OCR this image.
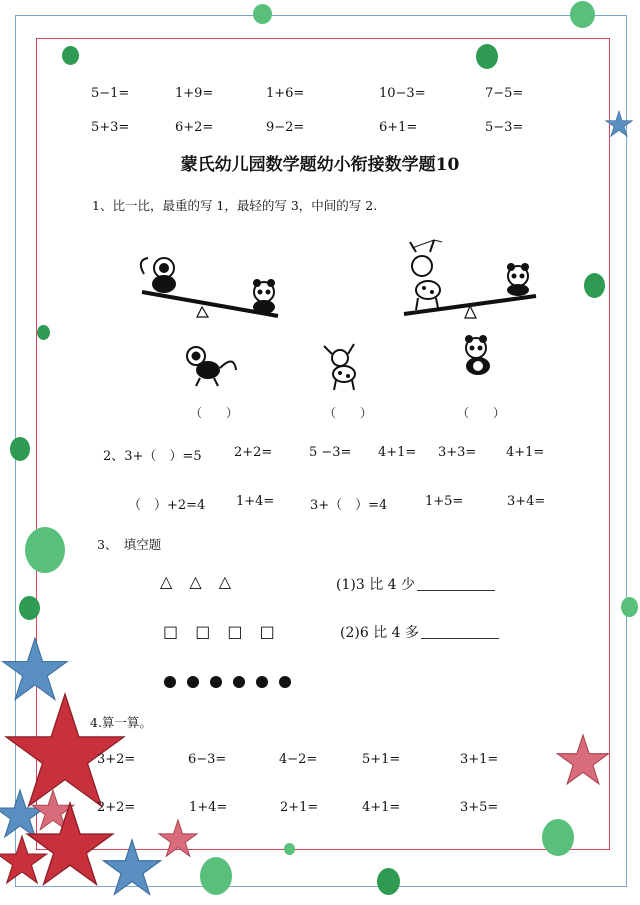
5−1=	1+9=	1+6=	10−3=	7−5=
5+3=	6+2=	9−2=	6+1=	5−3=
蒙氏幼儿园数学题幼小衔接数学题10
1、比一比，最重的写 1，最轻的写 3，中间的写 2.
（　　）	（　　）	（　　）
2、3+（　）=5 2+2=	5 −3= 4+1= 3+3= 4+1=
（　）+2=4 1+4=	3+（　）=4	1+5=	3+4=
3、　填空题
△ △ △
□ □ □ □
(1)3 比 4 少
(2)6 比 4 多
4.算一算。
3+2=	6−3=	4−2=	5+1=	3+1=
2+2=	1+4=	2+1=	4+1=	3+5=
